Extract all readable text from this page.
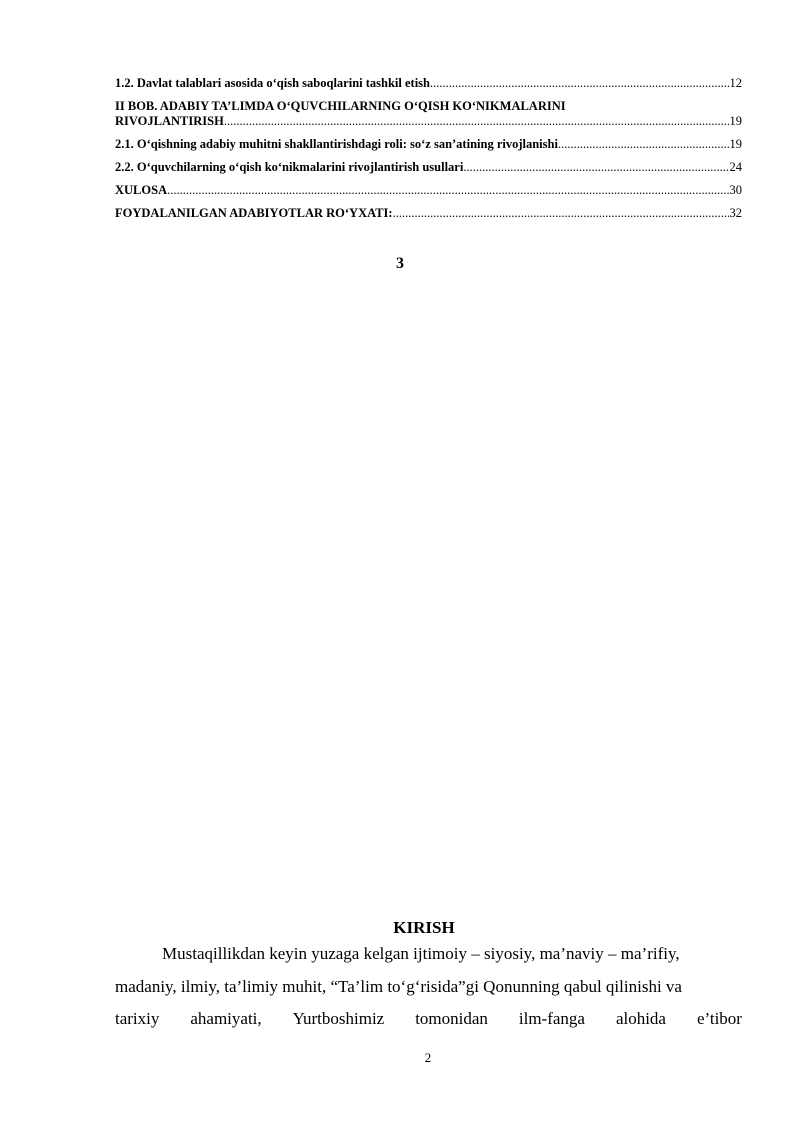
1.2. Davlat talablari asosida o‘qish saboqlarini tashkil etish .....	12
II BOB. ADABIY TA’LIMDA O‘QUVCHILARNING O‘QISH KO‘NIKMALARINI
RIVOJLANTIRISH .....	19
2.1. O‘qishning adabiy muhitni shakllantirishdagi roli: so‘z san’atining rivojlanishi .....	19
2.2. O‘quvchilarning o‘qish ko‘nikmalarini rivojlantirish usullari .....	24
XULOSA .....	30
FOYDALANILGAN ADABIYOTLAR RO‘YXATI: .....	32
3
KIRISH
Mustaqillikdan keyin yuzaga kelgan ijtimoiy – siyosiy, ma’naviy – ma’rifiy,
madaniy, ilmiy, ta’limiy muhit, “Ta’lim to‘g‘risida”gi Qonunning qabul qilinishi va
tarixiy ahamiyati, Yurtboshimiz tomonidan ilm-fanga alohida e’tibor
2
